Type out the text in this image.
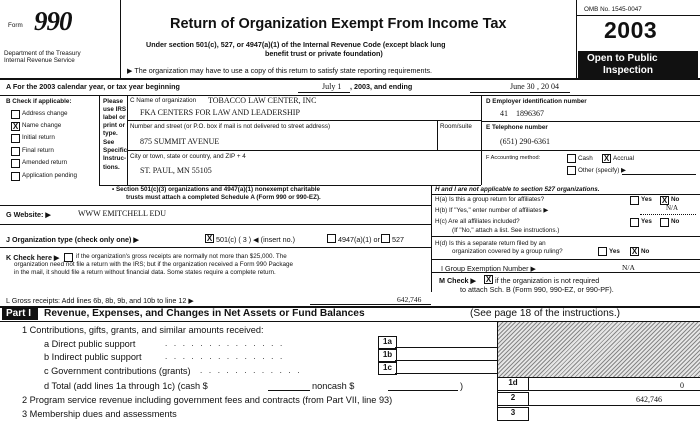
Form 990
Department of the Treasury
Internal Revenue Service
Return of Organization Exempt From Income Tax
Under section 501(c), 527, or 4947(a)(1) of the Internal Revenue Code (except black lung
benefit trust or private foundation)
▶ The organization may have to use a copy of this return to satisfy state reporting requirements.
OMB No. 1545-0047
2003
Open to Public
Inspection
A For the 2003 calendar year, or tax year beginning	July 1 , 2003, and ending	June 30 , 20 04
B Check if applicable:
Address change
X Name change
Initial return
Final return
Amended return
Application pending
Please
use IRS
label or
print or
type.
See
Specific
Instruc-
tions.
C Name of organization TOBACCO LAW CENTER, INC
FKA CENTERS FOR LAW AND LEADERSHIP
Number and street (or P.O. box if mail is not delivered to street address)	Room/suite
875 SUMMIT AVENUE
City or town, state or country, and ZIP + 4
ST. PAUL, MN 55105
D Employer identification number
41   1896367
E Telephone number
(651) 290-6361
F Accounting method:	Cash X Accrual
Other (specify) ▶
• Section 501(c)(3) organizations and 4947(a)(1) nonexempt charitable
trusts must attach a completed Schedule A (Form 990 or 990-EZ).
G Website: ▶	WWW EMITCHELL EDU
J Organization type (check only one) ▶	X 501(c) ( 3 ) ◀ (insert no.)	4947(a)(1) or 527
K Check here ▶	if the organization's gross receipts are normally not more than $25,000. The
organization need not file a return with the IRS; but if the organization received a Form 990 Package
in the mail, it should file a return without financial data. Some states require a complete return.
H and I are not applicable to section 527 organizations.
H(a) Is this a group return for affiliates?	Yes X No
H(b) If "Yes," enter number of affiliates ▶	N/A
H(c) Are all affiliates included?	Yes	No
(If "No," attach a list. See instructions.)
H(d) Is this a separate return filed by an
organization covered by a group ruling?	Yes X No
I Group Exemption Number ▶	N/A
M Check ▶ X if the organization is not required
to attach Sch. B (Form 990, 990-EZ, or 990-PF).
L Gross receipts: Add lines 6b, 8b, 9b, and 10b to line 12 ▶	642,746
Part I Revenue, Expenses, and Changes in Net Assets or Fund Balances	(See page 18 of the instructions.)
1 Contributions, gifts, grants, and similar amounts received:
a Direct public support	. . . . . . . . . . . . . .	1a
b Indirect public support	. . . . . . . . . . . . . .	1b
c Government contributions (grants) . . . . . . . . . . . .	1c
d Total (add lines 1a through 1c) (cash $	noncash $	)	1d	0
2 Program service revenue including government fees and contracts (from Part VII, line 93)	2	642,746
3 Membership dues and assessments	3
